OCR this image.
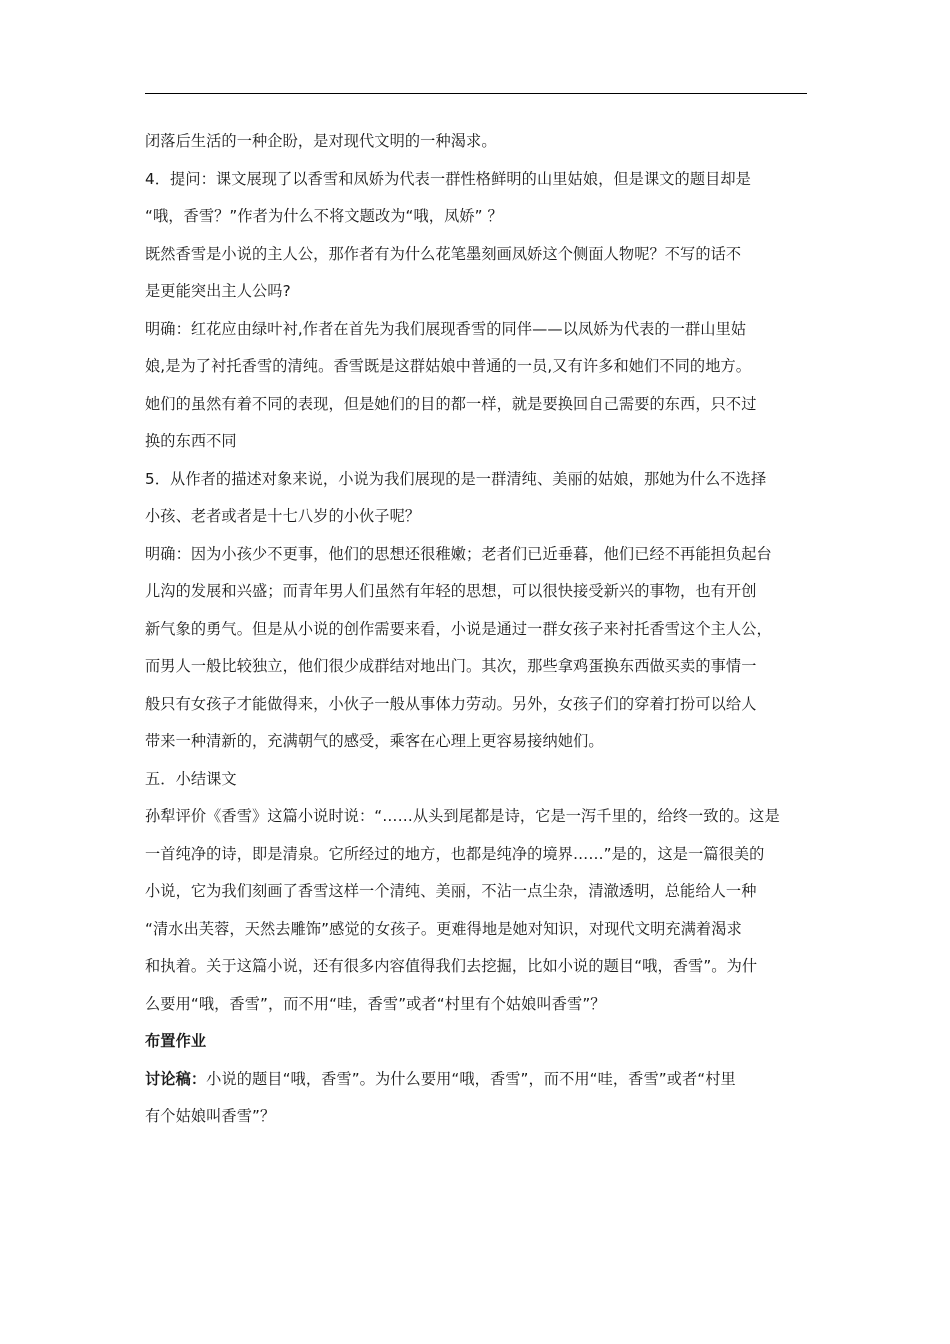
闭落后生活的一种企盼，是对现代文明的一种渴求。
4．提问：课文展现了以香雪和凤娇为代表一群性格鲜明的山里姑娘，但是课文的题目却是
“哦，香雪？”作者为什么不将文题改为“哦，凤娇” ？
既然香雪是小说的主人公，那作者有为什么花笔墨刻画凤娇这个侧面人物呢？不写的话不
是更能突出主人公吗?
明确：红花应由绿叶衬,作者在首先为我们展现香雪的同伴——以凤娇为代表的一群山里姑
娘,是为了衬托香雪的清纯。香雪既是这群姑娘中普通的一员,又有许多和她们不同的地方。
她们的虽然有着不同的表现，但是她们的目的都一样，就是要换回自己需要的东西，只不过
换的东西不同
5．从作者的描述对象来说，小说为我们展现的是一群清纯、美丽的姑娘，那她为什么不选择
小孩、老者或者是十七八岁的小伙子呢？
明确：因为小孩少不更事，他们的思想还很稚嫩；老者们已近垂暮，他们已经不再能担负起台
儿沟的发展和兴盛；而青年男人们虽然有年轻的思想，可以很快接受新兴的事物，也有开创
新气象的勇气。但是从小说的创作需要来看，小说是通过一群女孩子来衬托香雪这个主人公，
而男人一般比较独立，他们很少成群结对地出门。其次，那些拿鸡蛋换东西做买卖的事情一
般只有女孩子才能做得来，小伙子一般从事体力劳动。另外，女孩子们的穿着打扮可以给人
带来一种清新的，充满朝气的感受，乘客在心理上更容易接纳她们。
五．小结课文
孙犁评价《香雪》这篇小说时说：“……从头到尾都是诗，它是一泻千里的，给终一致的。这是
一首纯净的诗，即是清泉。它所经过的地方，也都是纯净的境界……”是的，这是一篇很美的
小说，它为我们刻画了香雪这样一个清纯、美丽，不沾一点尘杂，清澈透明，总能给人一种
“清水出芙蓉，天然去雕饰”感觉的女孩子。更难得地是她对知识，对现代文明充满着渴求
和执着。关于这篇小说，还有很多内容值得我们去挖掘，比如小说的题目“哦，香雪”。为什
么要用“哦，香雪”，而不用“哇，香雪”或者“村里有个姑娘叫香雪”？
布置作业
讨论稿：小说的题目“哦，香雪”。为什么要用“哦，香雪”，而不用“哇，香雪”或者“村里
有个姑娘叫香雪”？
